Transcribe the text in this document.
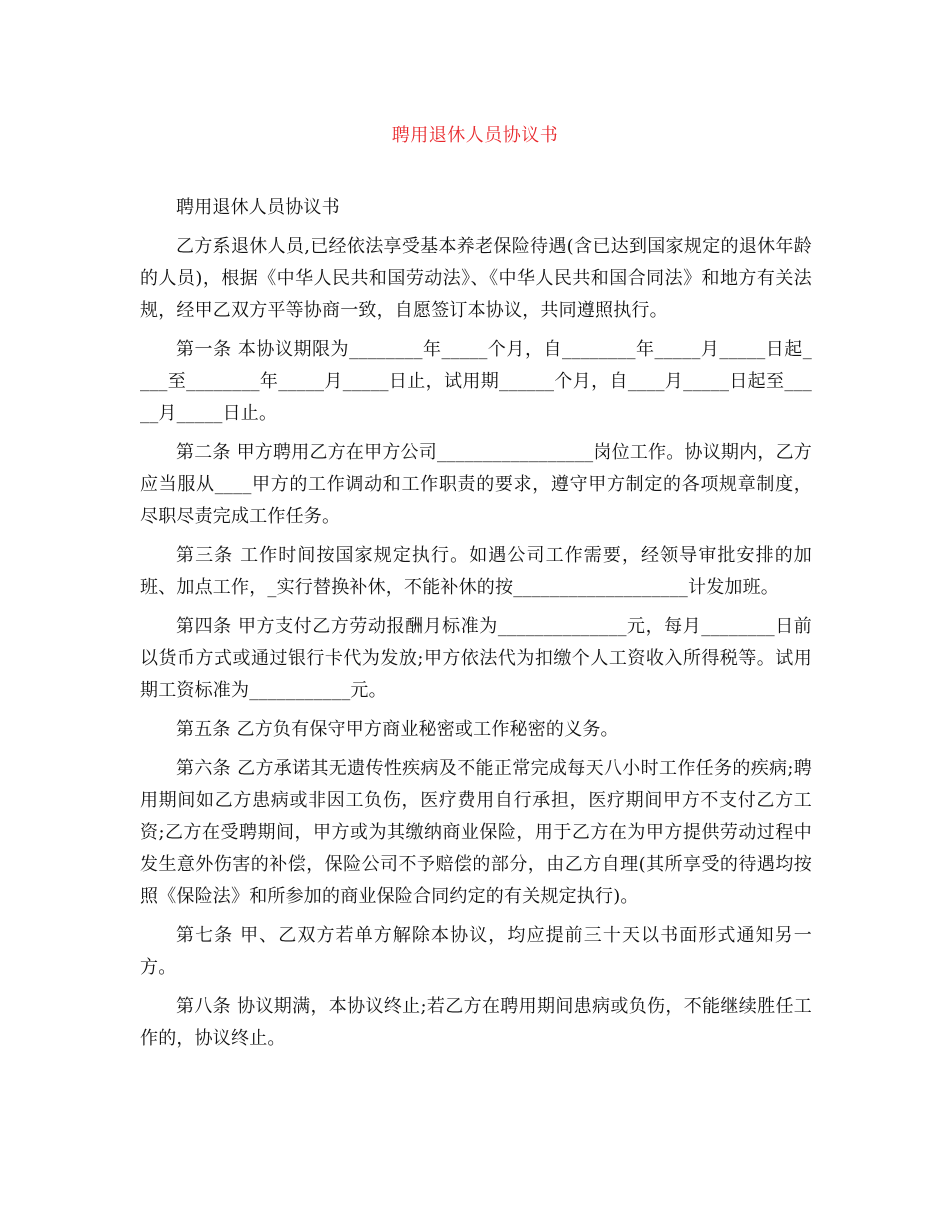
聘用退休人员协议书

聘用退休人员协议书

乙方系退休人员,已经依法享受基本养老保险待遇(含已达到国家规定的退休年龄的人员)，根据《中华人民共和国劳动法》、《中华人民共和国合同法》和地方有关法规，经甲乙双方平等协商一致，自愿签订本协议，共同遵照执行。

第一条 本协议期限为________年_____个月，自________年_____月_____日起____至________年_____月_____日止，试用期______个月，自____月_____日起至_____月_____日止。

第二条 甲方聘用乙方在甲方公司_________________岗位工作。协议期内，乙方应当服从____甲方的工作调动和工作职责的要求，遵守甲方制定的各项规章制度，尽职尽责完成工作任务。

第三条 工作时间按国家规定执行。如遇公司工作需要，经领导审批安排的加班、加点工作，_实行替换补休，不能补休的按___________________计发加班。

第四条 甲方支付乙方劳动报酬月标准为______________元，每月________日前以货币方式或通过银行卡代为发放;甲方依法代为扣缴个人工资收入所得税等。试用期工资标准为___________元。

第五条 乙方负有保守甲方商业秘密或工作秘密的义务。

第六条 乙方承诺其无遗传性疾病及不能正常完成每天八小时工作任务的疾病;聘用期间如乙方患病或非因工负伤，医疗费用自行承担，医疗期间甲方不支付乙方工资;乙方在受聘期间，甲方或为其缴纳商业保险，用于乙方在为甲方提供劳动过程中发生意外伤害的补偿，保险公司不予赔偿的部分，由乙方自理(其所享受的待遇均按照《保险法》和所参加的商业保险合同约定的有关规定执行)。

第七条 甲、乙双方若单方解除本协议，均应提前三十天以书面形式通知另一方。

第八条 协议期满，本协议终止;若乙方在聘用期间患病或负伤，不能继续胜任工作的，协议终止。
